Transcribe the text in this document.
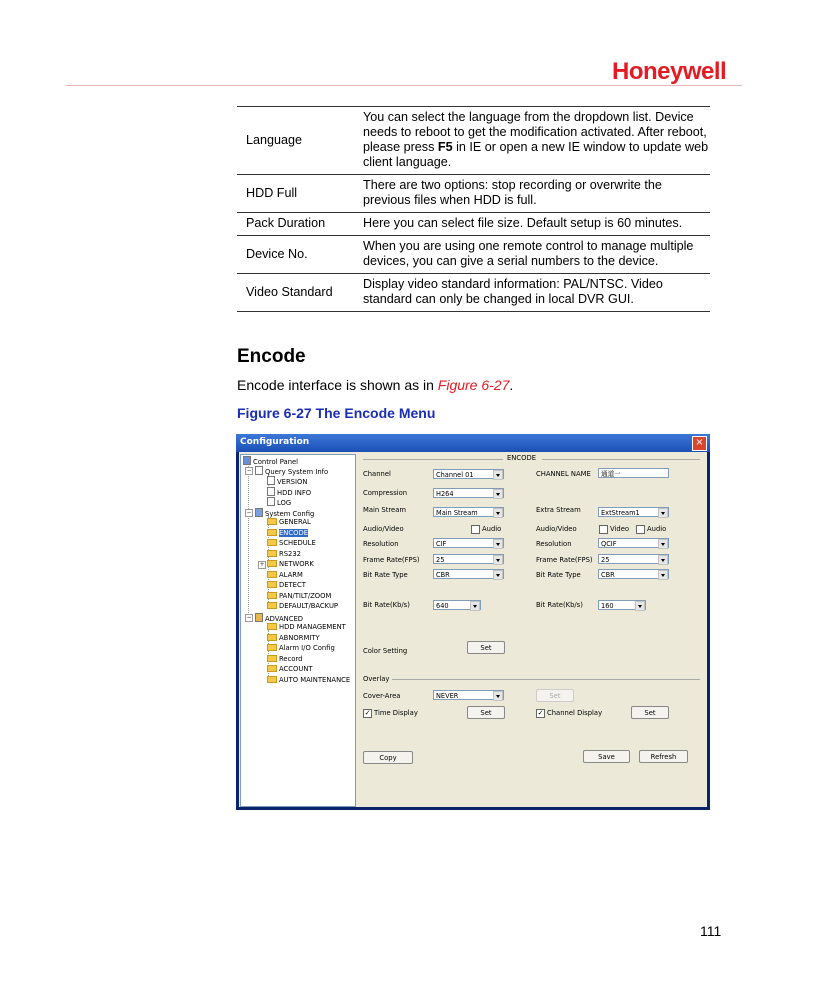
Honeywell
Language	You can select the language from the dropdown list. Device needs to reboot to get the modification activated. After reboot, please press F5 in IE or open a new IE window to update web client language.
HDD Full	There are two options: stop recording or overwrite the previous files when HDD is full.
Pack Duration	Here you can select file size. Default setup is 60 minutes.
Device No.	When you are using one remote control to manage multiple devices, you can give a serial numbers to the device.
Video Standard	Display video standard information: PAL/NTSC. Video standard can only be changed in local DVR GUI.
Encode
Encode interface is shown as in Figure 6-27.
Figure 6-27 The Encode Menu
Configuration	×
Control Panel
−	Query System Info
VERSION
HDD INFO
LOG
−	System Config
GENERAL
ENCODE
SCHEDULE
RS232
+	NETWORK
ALARM
DETECT
PAN/TILT/ZOOM
DEFAULT/BACKUP
−	ADVANCED
HDD MANAGEMENT
ABNORMITY
Alarm I/O Config
Record
ACCOUNT
AUTO MAINTENANCE
ENCODE
Channel	Channel 01	CHANNEL NAME	通道一
Compression	H264
Main Stream	Main Stream	Extra Stream	ExtStream1
Audio/Video	Audio	Audio/Video	Video	Audio
Resolution	CIF	Resolution	QCIF
Frame Rate(FPS)	25	Frame Rate(FPS)	25
Bit Rate Type	CBR	Bit Rate Type	CBR
Bit Rate(Kb/s)	640	Bit Rate(Kb/s)	160
Color Setting	Set
Overlay
Cover-Area	NEVER	Set
✓ Time Display	Set	✓ Channel Display	Set
Copy	Save	Refresh
111
